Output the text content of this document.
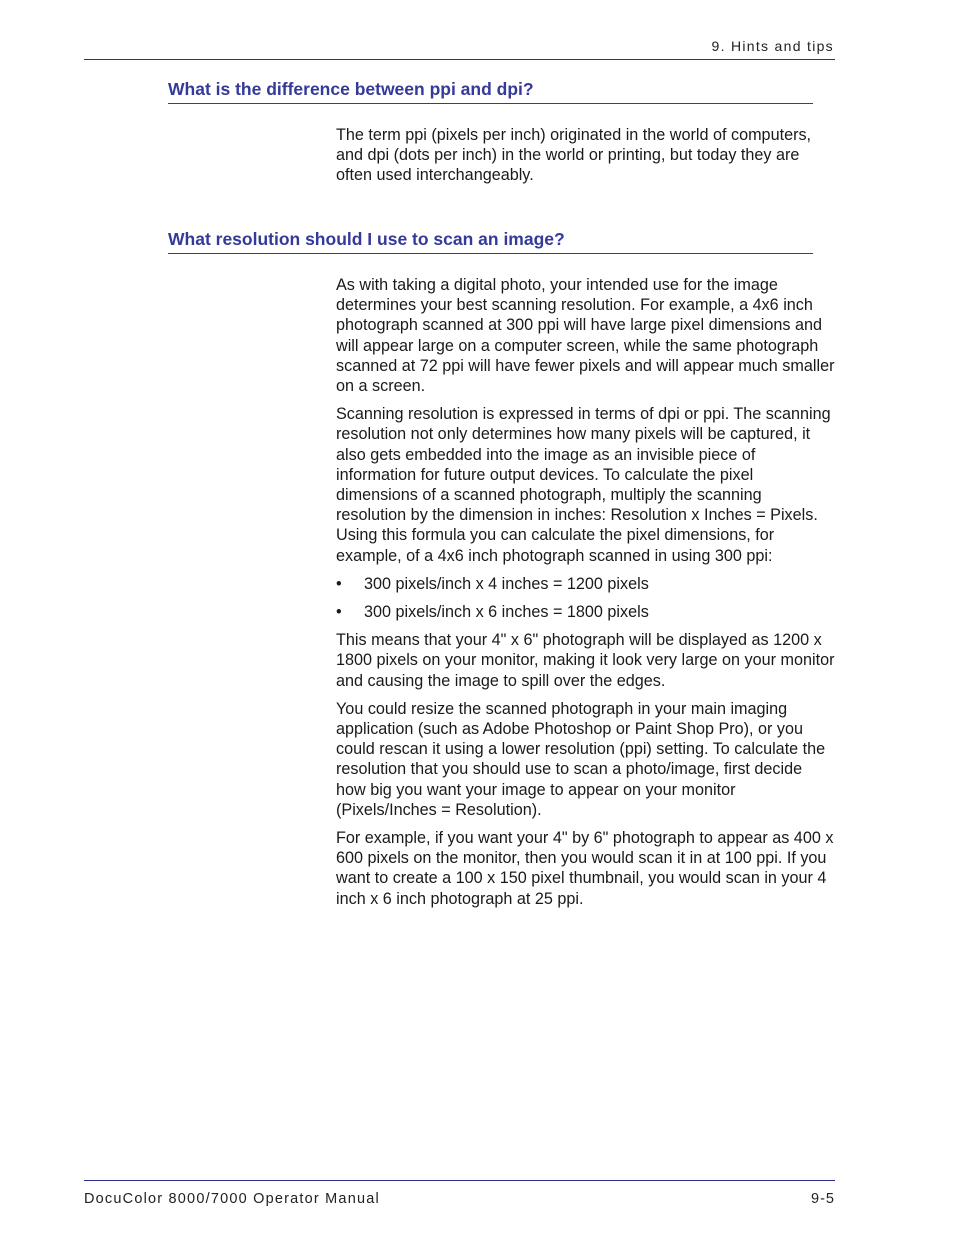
9. Hints and tips
What is the difference between ppi and dpi?

The term ppi (pixels per inch) originated in the world of computers, and dpi (dots per inch) in the world or printing, but today they are often used interchangeably.

What resolution should I use to scan an image?

As with taking a digital photo, your intended use for the image determines your best scanning resolution. For example, a 4x6 inch photograph scanned at 300 ppi will have large pixel dimensions and will appear large on a computer screen, while the same photograph scanned at 72 ppi will have fewer pixels and will appear much smaller on a screen.

Scanning resolution is expressed in terms of dpi or ppi. The scanning resolution not only determines how many pixels will be captured, it also gets embedded into the image as an invisible piece of information for future output devices. To calculate the pixel dimensions of a scanned photograph, multiply the scanning resolution by the dimension in inches: Resolution x Inches = Pixels. Using this formula you can calculate the pixel dimensions, for example, of a 4x6 inch photograph scanned in using 300 ppi:

• 300 pixels/inch x 4 inches = 1200 pixels
• 300 pixels/inch x 6 inches = 1800 pixels

This means that your 4" x 6" photograph will be displayed as 1200 x 1800 pixels on your monitor, making it look very large on your monitor and causing the image to spill over the edges.

You could resize the scanned photograph in your main imaging application (such as Adobe Photoshop or Paint Shop Pro), or you could rescan it using a lower resolution (ppi) setting. To calculate the resolution that you should use to scan a photo/image, first decide how big you want your image to appear on your monitor (Pixels/Inches = Resolution).

For example, if you want your 4" by 6" photograph to appear as 400 x 600 pixels on the monitor, then you would scan it in at 100 ppi. If you want to create a 100 x 150 pixel thumbnail, you would scan in your 4 inch x 6 inch photograph at 25 ppi.

DocuColor 8000/7000 Operator Manual	9-5
